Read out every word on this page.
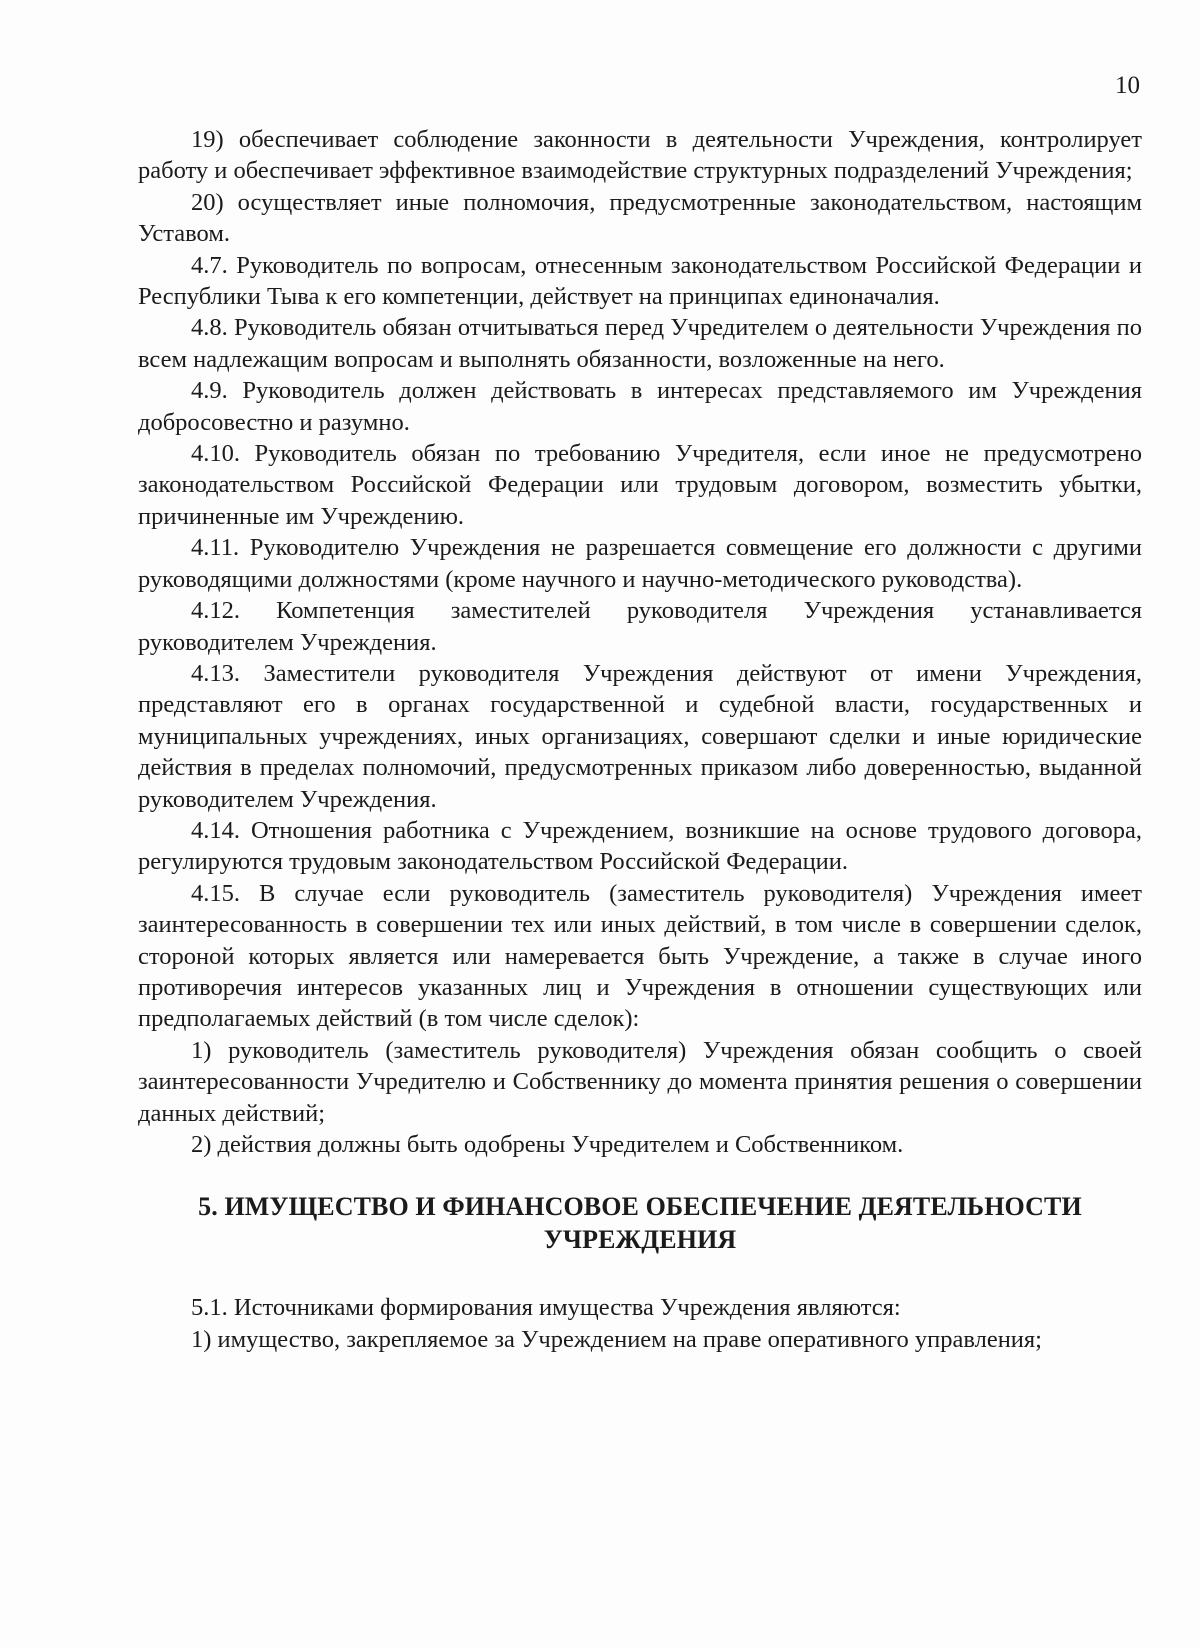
10

19) обеспечивает соблюдение законности в деятельности Учреждения, контролирует работу и обеспечивает эффективное взаимодействие структурных подразделений Учреждения;

20) осуществляет иные полномочия, предусмотренные законодательством, настоящим Уставом.

4.7. Руководитель по вопросам, отнесенным законодательством Российской Федерации и Республики Тыва к его компетенции, действует на принципах единоначалия.

4.8. Руководитель обязан отчитываться перед Учредителем о деятельности Учреждения по всем надлежащим вопросам и выполнять обязанности, возложенные на него.

4.9. Руководитель должен действовать в интересах представляемого им Учреждения добросовестно и разумно.

4.10. Руководитель обязан по требованию Учредителя, если иное не предусмотрено законодательством Российской Федерации или трудовым договором, возместить убытки, причиненные им Учреждению.

4.11. Руководителю Учреждения не разрешается совмещение его должности с другими руководящими должностями (кроме научного и научно-методического руководства).

4.12. Компетенция заместителей руководителя Учреждения устанавливается руководителем Учреждения.

4.13. Заместители руководителя Учреждения действуют от имени Учреждения, представляют его в органах государственной и судебной власти, государственных и муниципальных учреждениях, иных организациях, совершают сделки и иные юридические действия в пределах полномочий, предусмотренных приказом либо доверенностью, выданной руководителем Учреждения.

4.14. Отношения работника с Учреждением, возникшие на основе трудового договора, регулируются трудовым законодательством Российской Федерации.

4.15. В случае если руководитель (заместитель руководителя) Учреждения имеет заинтересованность в совершении тех или иных действий, в том числе в совершении сделок, стороной которых является или намеревается быть Учреждение, а также в случае иного противоречия интересов указанных лиц и Учреждения в отношении существующих или предполагаемых действий (в том числе сделок):

1) руководитель (заместитель руководителя) Учреждения обязан сообщить о своей заинтересованности Учредителю и Собственнику до момента принятия решения о совершении данных действий;

2) действия должны быть одобрены Учредителем и Собственником.

5. ИМУЩЕСТВО И ФИНАНСОВОЕ ОБЕСПЕЧЕНИЕ ДЕЯТЕЛЬНОСТИ
УЧРЕЖДЕНИЯ

5.1. Источниками формирования имущества Учреждения являются:

1) имущество, закрепляемое за Учреждением на праве оперативного управления;
